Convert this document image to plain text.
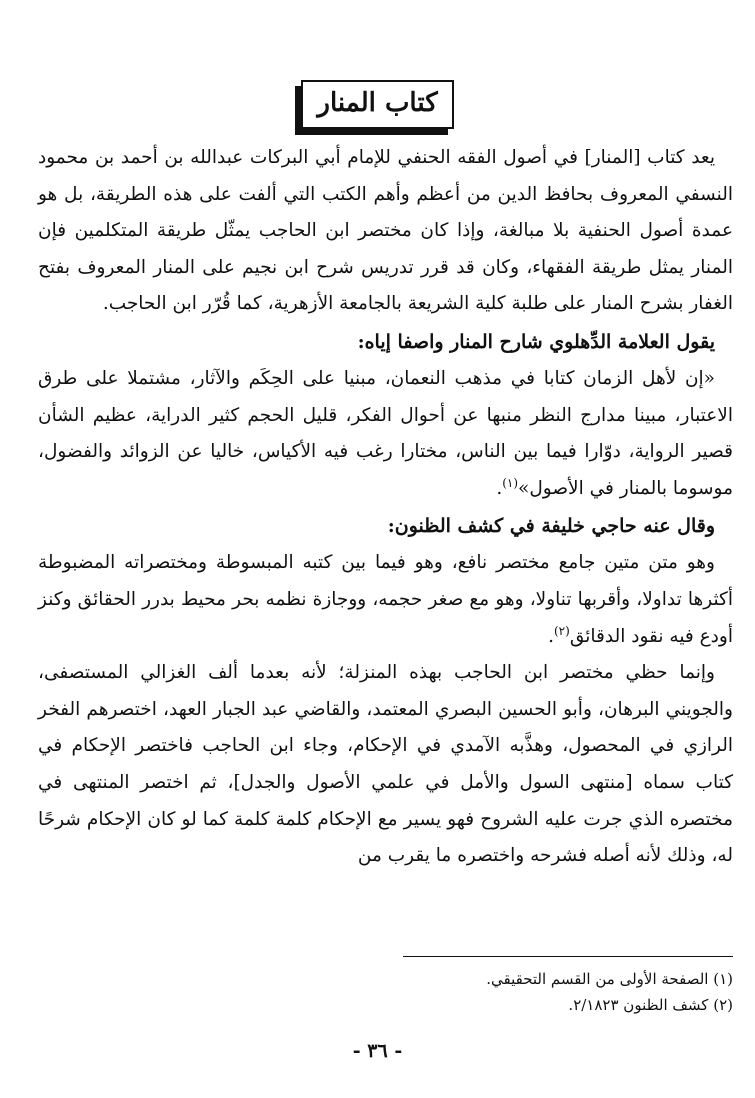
كتاب المنار

يعد كتاب [المنار] في أصول الفقه الحنفي للإمام أبي البركات عبدالله بن أحمد بن محمود النسفي المعروف بحافظ الدين من أعظم وأهم الكتب التي ألفت على هذه الطريقة، بل هو عمدة أصول الحنفية بلا مبالغة، وإذا كان مختصر ابن الحاجب يمثّل طريقة المتكلمين فإن المنار يمثل طريقة الفقهاء، وكان قد قرر تدريس شرح ابن نجيم على المنار المعروف بفتح الغفار بشرح المنار على طلبة كلية الشريعة بالجامعة الأزهرية، كما قُرّر ابن الحاجب.

يقول العلامة الدِّهلوي شارح المنار واصفا إياه:

«إن لأهل الزمان كتابا في مذهب النعمان، مبنيا على الحِكَم والآثار، مشتملا على طرق الاعتبار، مبينا مدارج النظر منبها عن أحوال الفكر، قليل الحجم كثير الدراية، عظيم الشأن قصير الرواية، دوّارا فيما بين الناس، مختارا رغب فيه الأكياس، خاليا عن الزوائد والفضول، موسوما بالمنار في الأصول»$^{(١)}$.

وقال عنه حاجي خليفة في كشف الظنون:

وهو متن متين جامع مختصر نافع، وهو فيما بين كتبه المبسوطة ومختصراته المضبوطة أكثرها تداولا، وأقربها تناولا، وهو مع صغر حجمه، ووجازة نظمه بحر محيط بدرر الحقائق وكنز أودع فيه نقود الدقائق$^{(٢)}$.

وإنما حظي مختصر ابن الحاجب بهذه المنزلة؛ لأنه بعدما ألف الغزالي المستصفى، والجويني البرهان، وأبو الحسين البصري المعتمد، والقاضي عبد الجبار العهد، اختصرهم الفخر الرازي في المحصول، وهذَّبه الآمدي في الإحكام، وجاء ابن الحاجب فاختصر الإحكام في كتاب سماه [منتهى السول والأمل في علمي الأصول والجدل]، ثم اختصر المنتهى في مختصره الذي جرت عليه الشروح فهو يسير مع الإحكام كلمة كلمة كما لو كان الإحكام شرحًا له، وذلك لأنه أصله فشرحه واختصره ما يقرب من

(١) الصفحة الأولى من القسم التحقيقي.
(٢) كشف الظنون ٢/١٨٢٣.
- ٣٦ -
